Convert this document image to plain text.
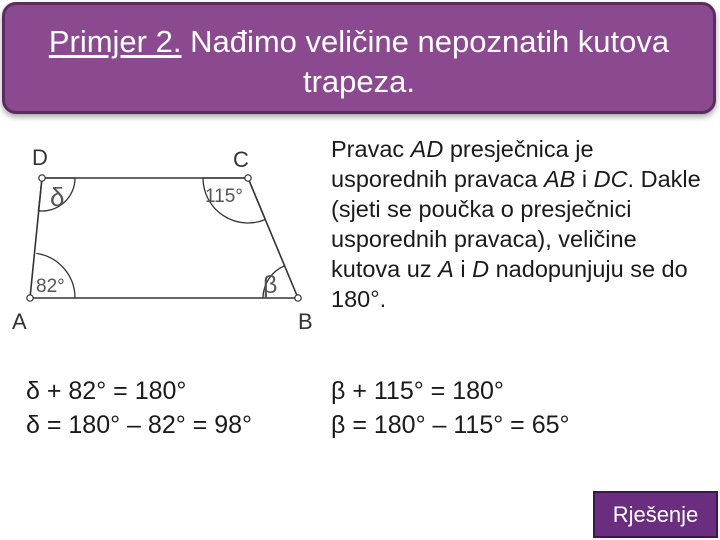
Primjer 2. Nađimo veličine nepoznatih kutova
trapeza.
D	C
A	B
δ	115°
82°	β
Pravac AD presječnica je usporednih pravaca AB i DC. Dakle (sjeti se poučka o presječnici usporednih pravaca), veličine kutova uz A i D nadopunjuju se do 180°.
δ + 82° = 180°
δ = 180° – 82° = 98°
β + 115° = 180°
β = 180° – 115° = 65°
Rješenje
